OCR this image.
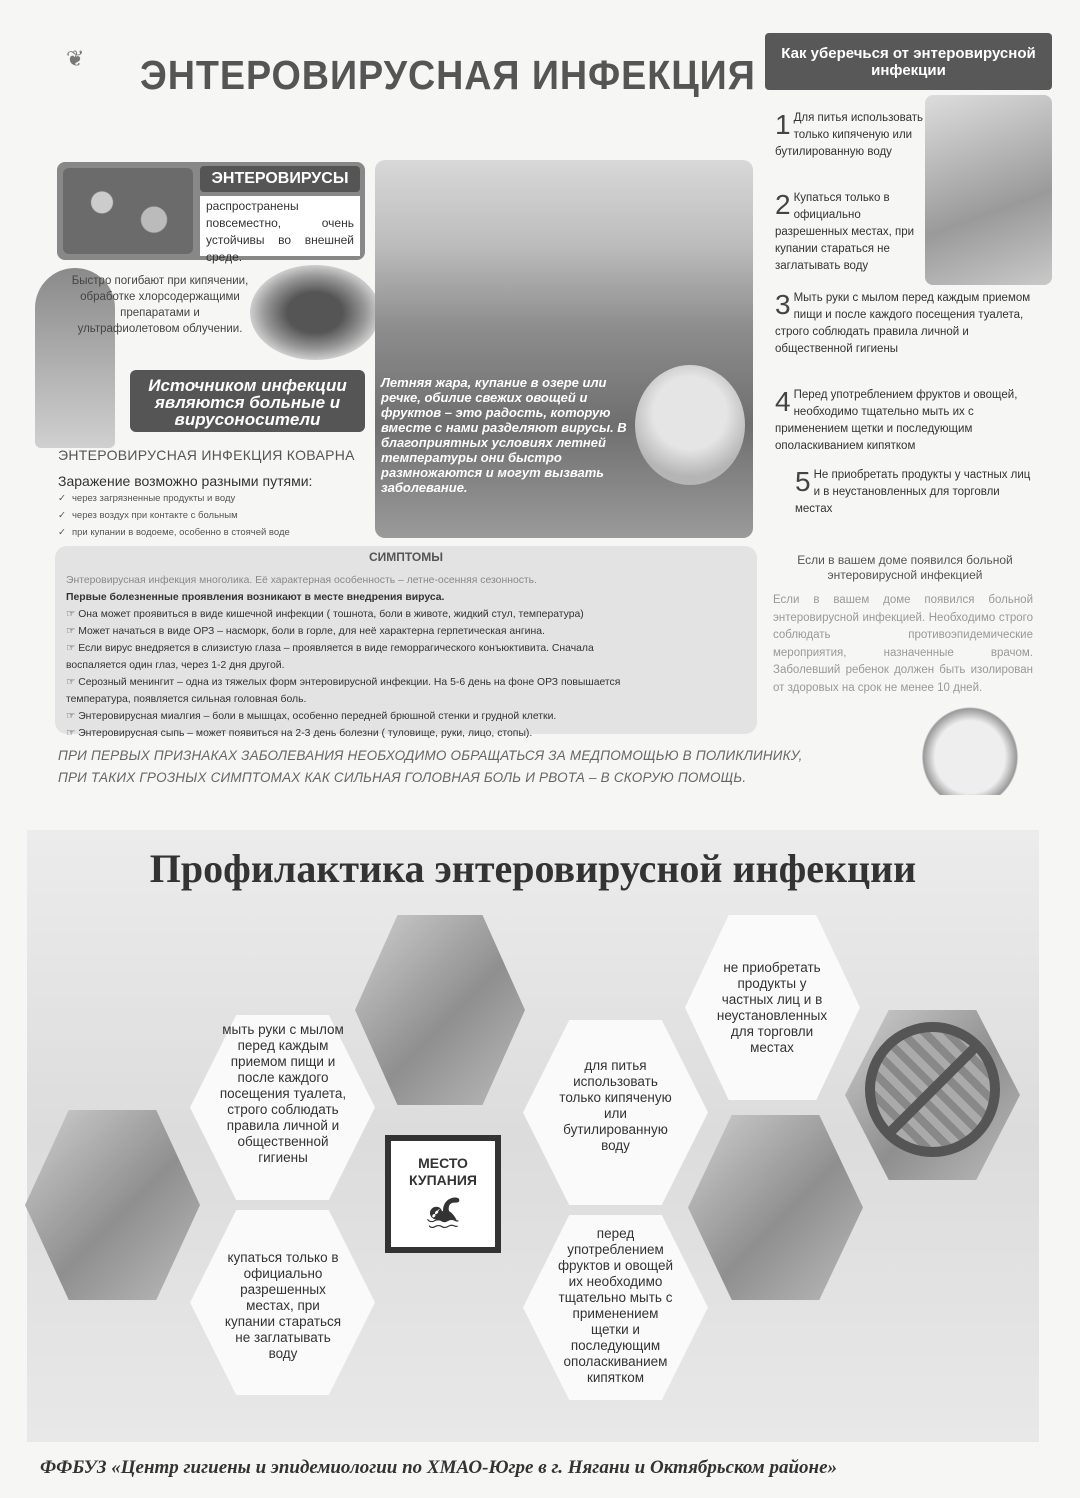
❦	ЭНТЕРОВИРУСНАЯ ИНФЕКЦИЯ	Как уберечься от энтеровирусной инфекции
1 Для питья использовать только кипяченую или бутилированную воду
2 Купаться только в официально разрешенных местах, при купании стараться не заглатывать воду
3 Мыть руки с мылом перед каждым приемом пищи и после каждого посещения туалета, строго соблюдать правила личной и общественной гигиены
4 Перед употреблением фруктов и овощей, необходимо тщательно мыть их с применением щетки и последующим ополаскиванием кипятком
5 Не приобретать продукты у частных лиц и в неустановленных для торговли местах
ЭНТЕРОВИРУСЫ
распространены повсеместно, очень устойчивы во внешней среде.
Быстро погибают при кипячении, обработке хлорсодержащими препаратами и ультрафиолетовом облучении.
Источником инфекции являются больные и вирусоносители
Летняя жара, купание в озере или речке, обилие свежих овощей и фруктов – это радость, которую вместе с нами разделяют вирусы. В благоприятных условиях летней температуры они быстро размножаются и могут вызвать заболевание.
ЭНТЕРОВИРУСНАЯ ИНФЕКЦИЯ КОВАРНА
Заражение возможно разными путями:
✓ через загрязненные продукты и воду
✓ через воздух при контакте с больным
✓ при купании в водоеме, особенно в стоячей воде
СИМПТОМЫ
Энтеровирусная инфекция многолика. Её характерная особенность – летне-осенняя сезонность.
Первые болезненные проявления возникают в месте внедрения вируса.
☞ Она может проявиться в виде кишечной инфекции ( тошнота, боли в животе, жидкий стул, температура)
☞ Может начаться в виде ОРЗ – насморк, боли в горле, для неё характерна герпетическая ангина.
☞ Если вирус внедряется в слизистую глаза – проявляется в виде геморрагического конъюктивита. Сначала
воспаляется один глаз, через 1-2 дня другой.
☞ Серозный менингит – одна из тяжелых форм энтеровирусной инфекции. На 5-6 день на фоне ОРЗ повышается
температура, появляется сильная головная боль.
☞ Энтеровирусная миалгия – боли в мышцах, особенно передней брюшной стенки и грудной клетки.
☞ Энтеровирусная сыпь – может появиться на 2-3 день болезни ( туловище, руки, лицо, стопы).
ПРИ ПЕРВЫХ ПРИЗНАКАХ ЗАБОЛЕВАНИЯ НЕОБХОДИМО ОБРАЩАТЬСЯ ЗА МЕДПОМОЩЬЮ В ПОЛИКЛИНИКУ,
ПРИ ТАКИХ ГРОЗНЫХ СИМПТОМАХ КАК СИЛЬНАЯ ГОЛОВНАЯ БОЛЬ И РВОТА – В СКОРУЮ ПОМОЩЬ.
Если в вашем доме появился больной энтеровирусной инфекцией
Если в вашем доме появился больной энтеровирусной инфекцией. Необходимо строго соблюдать противоэпидемические мероприятия, назначенные врачом. Заболевший ребенок должен быть изолирован от здоровых на срок не менее 10 дней.
Профилактика энтеровирусной инфекции
мыть руки с мылом перед каждым приемом пищи и после каждого посещения туалета, строго соблюдать правила личной и общественной гигиены
для питья использовать только кипяченую или бутилированную воду
не приобретать продукты у частных лиц и в неустановленных для торговли местах
купаться только в официально разрешенных местах, при купании стараться не заглатывать воду
перед употреблением фруктов и овощей их необходимо тщательно мыть с применением щетки и последующим ополаскиванием кипятком
МЕСТО КУПАНИЯ
🏊︎
ФФБУЗ «Центр гигиены и эпидемиологии по ХМАО-Югре в г. Нягани и Октябрьском районе»
